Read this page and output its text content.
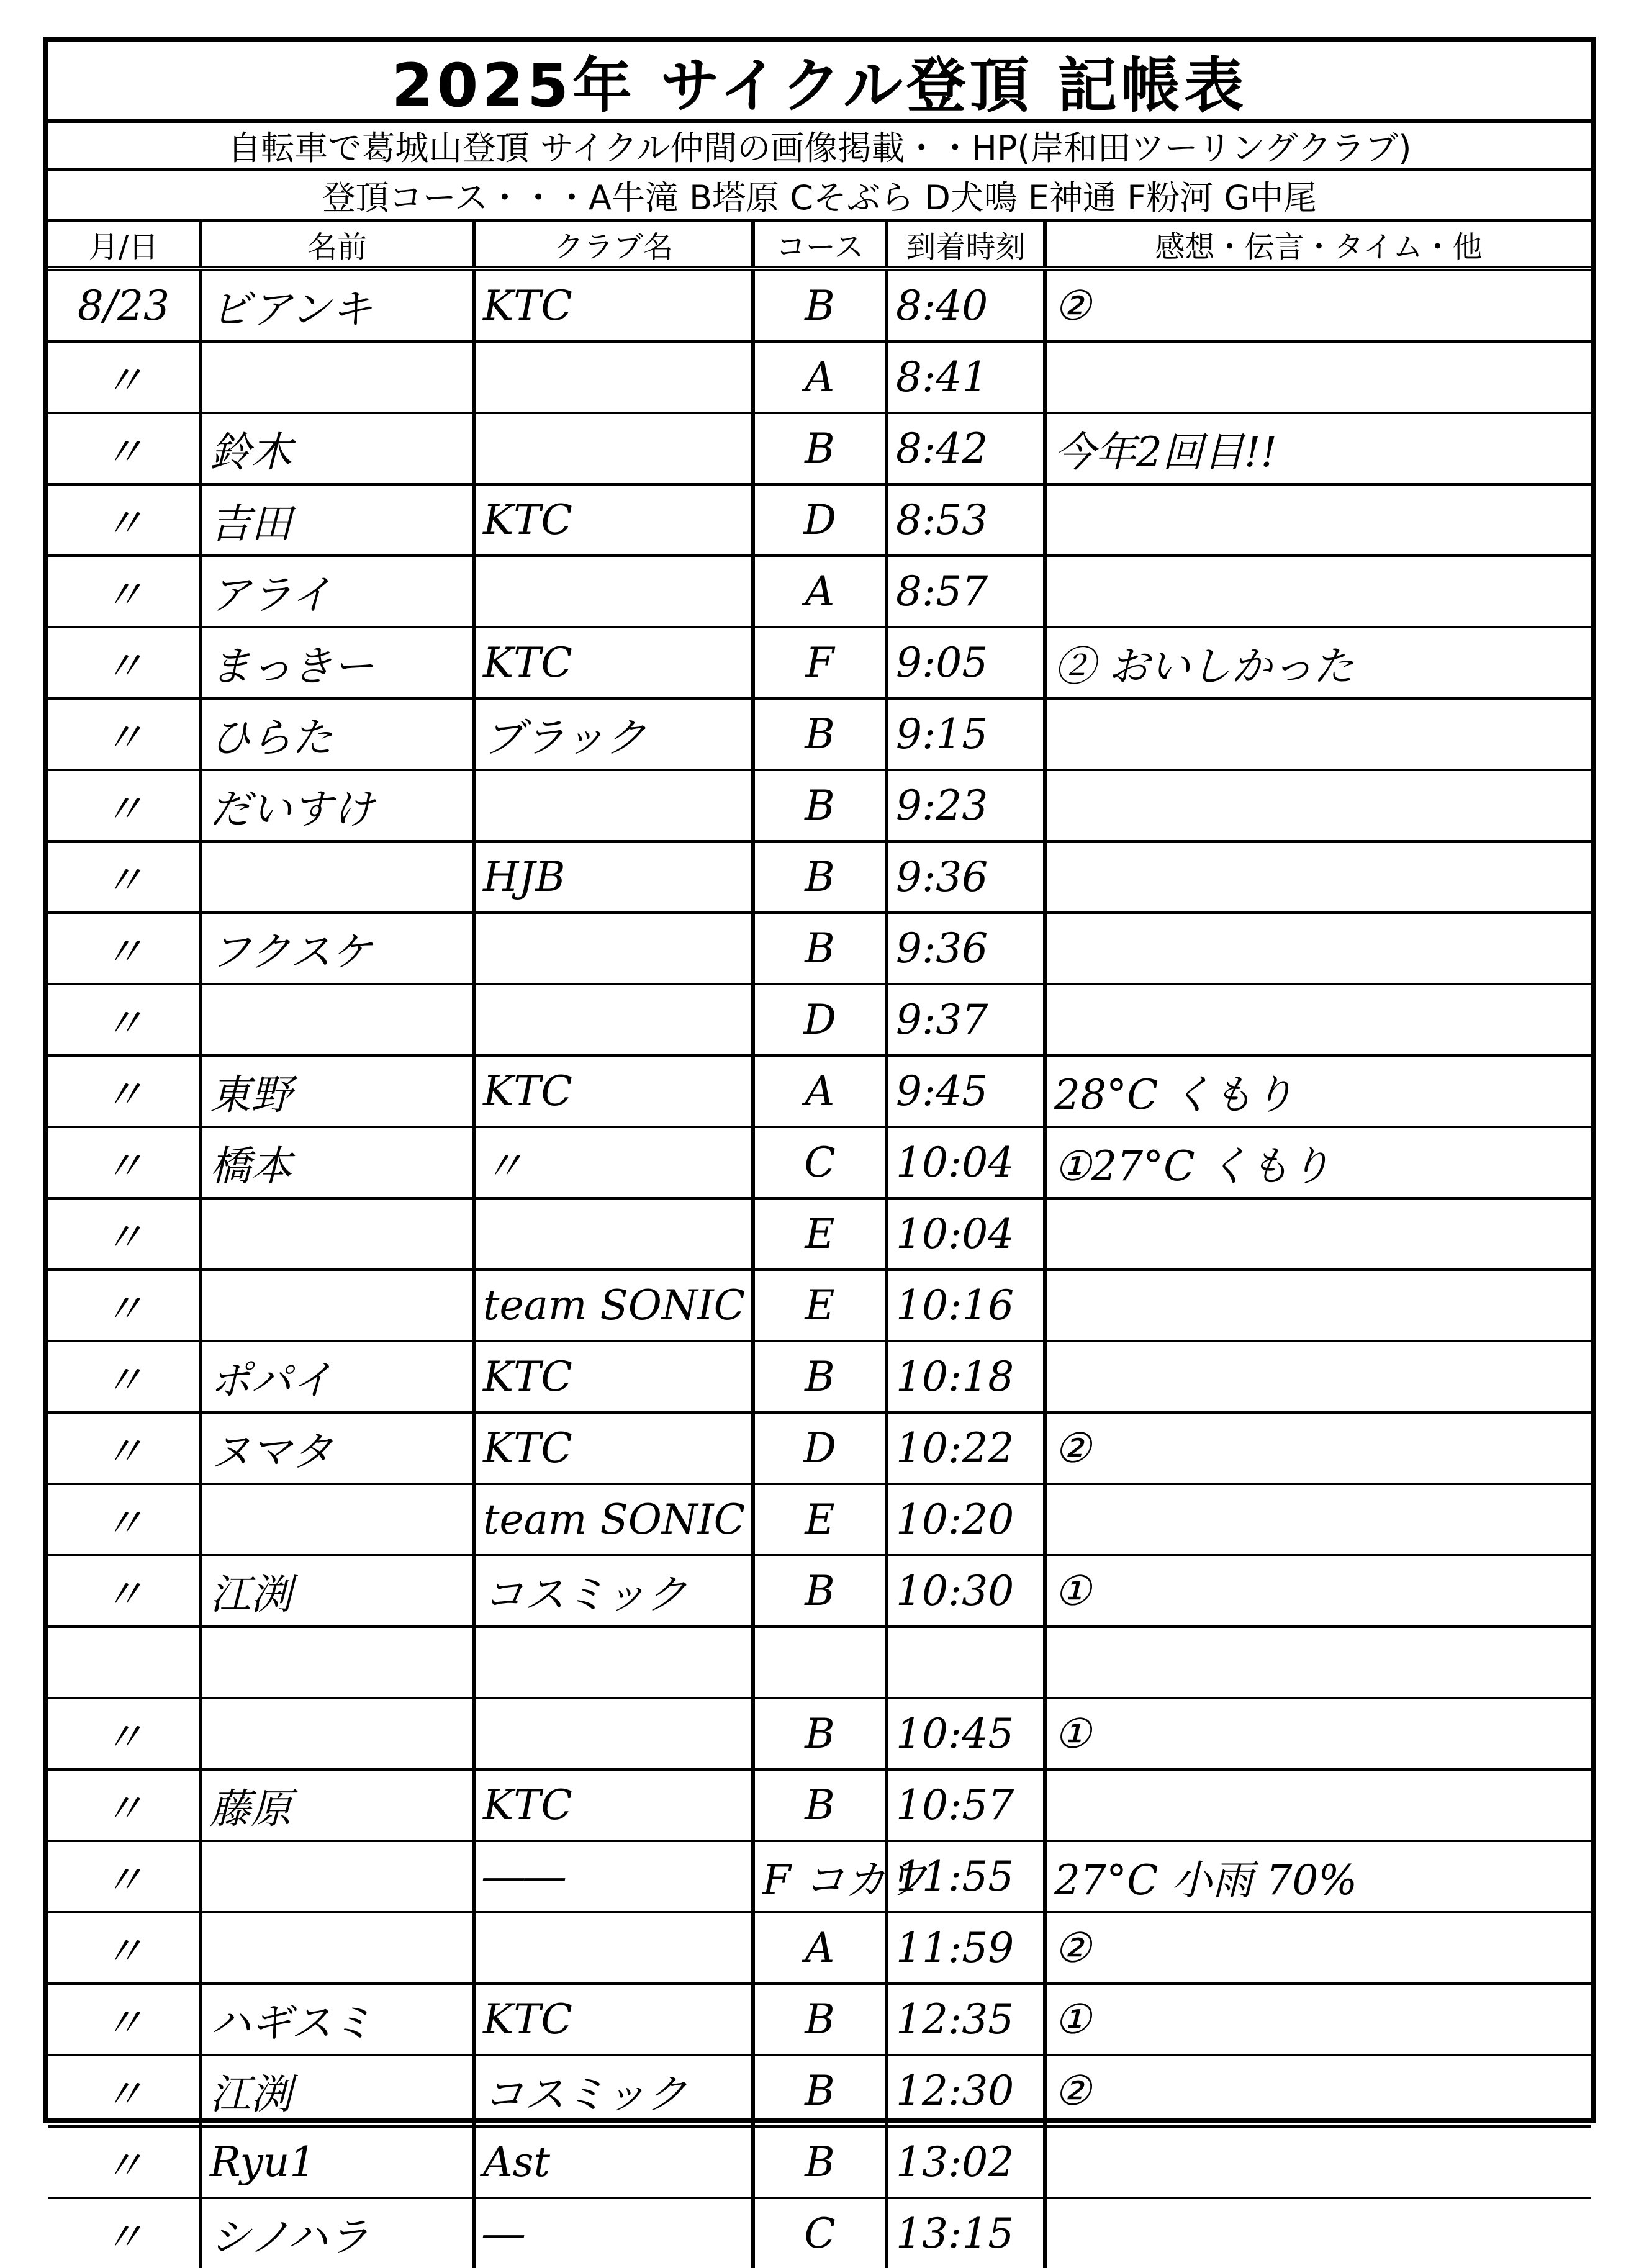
2025年 サイクル登頂 記帳表
自転車で葛城山登頂 サイクル仲間の画像掲載・・HP(岸和田ツーリングクラブ)
登頂コース・・・A牛滝 B塔原 Cそぶら D犬鳴 E神通 F粉河 G中尾
月/日	名前	クラブ名	コース	到着時刻	感想・伝言・タイム・他
8/23	ビアンキ	KTC	B	8:40	②
〃			A	8:41	
〃	鈴木		B	8:42	今年2回目!!
〃	吉田	KTC	D	8:53	
〃	アライ		A	8:57	
〃	まっきー	KTC	F	9:05	② おいしかった
〃	ひらた	ブラック	B	9:15	
〃	だいすけ		B	9:23	
〃		HJB	B	9:36	
〃	フクスケ		B	9:36	
〃			D	9:37	
〃	東野	KTC	A	9:45	28°C くもり
〃	橋本	〃	C	10:04	①27°C くもり
〃			E	10:04	
〃		team SONIC	E	10:16	
〃	ポパイ	KTC	B	10:18	
〃	ヌマタ	KTC	D	10:22	②
〃		team SONIC	E	10:20	
〃	江渕	コスミック	B	10:30	①

〃			B	10:45	①
〃	藤原	KTC	B	10:57	
〃		――	F コカワ	11:55	27°C 小雨 70%
〃			A	11:59	②
〃	ハギスミ	KTC	B	12:35	①
〃	江渕	コスミック	B	12:30	②
〃	Ryu1	Ast	B	13:02	
〃	シノハラ	―	C	13:15	
